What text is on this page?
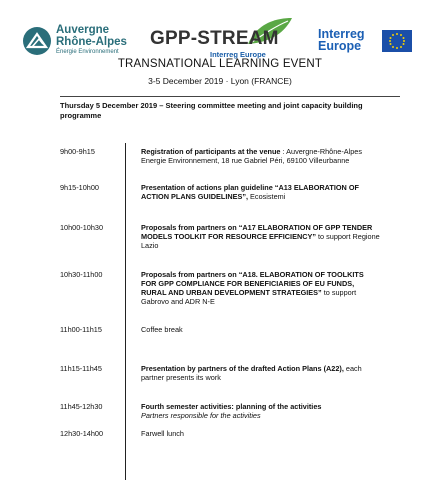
Auvergne
Rhône-Alpes
Énergie Environnement
GPP-STREAM
Interreg Europe
Interreg
Europe
TRANSNATIONAL LEARNING EVENT
3-5 December 2019 · Lyon (FRANCE)
Thursday 5 December 2019 – Steering committee meeting and joint capacity building programme
9h00-9h15	Registration of participants at the venue : Auvergne-Rhône-Alpes Energie Environnement, 18 rue Gabriel Péri, 69100 Villeurbanne
9h15-10h00	Presentation of actions plan guideline “A13 ELABORATION OF ACTION PLANS GUIDELINES”, Ecosistemi
10h00-10h30	Proposals from partners on “A17 ELABORATION OF GPP TENDER MODELS TOOLKIT FOR RESOURCE EFFICIENCY” to support Regione Lazio
10h30-11h00	Proposals from partners on “A18. ELABORATION OF TOOLKITS FOR GPP COMPLIANCE FOR BENEFICIARIES OF EU FUNDS, RURAL AND URBAN DEVELOPMENT STRATEGIES” to support Gabrovo and ADR N-E
11h00-11h15	Coffee break
11h15-11h45	Presentation by partners of the drafted Action Plans (A22), each partner presents its work
11h45-12h30	Fourth semester activities: planning of the activities
Partners responsible for the activities
12h30-14h00	Farwell lunch
